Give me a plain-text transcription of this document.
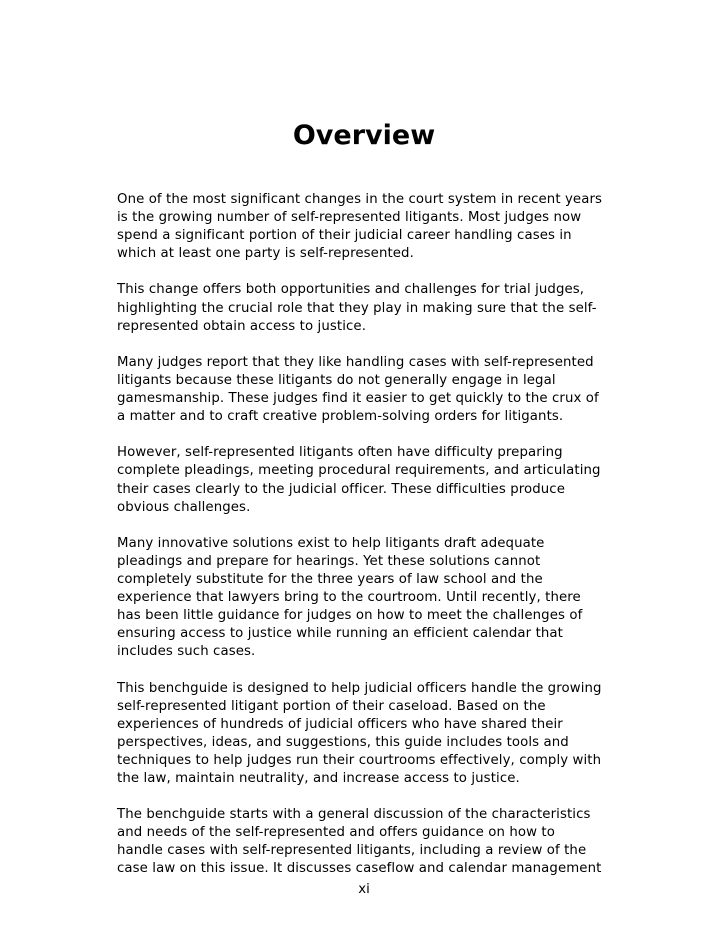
Overview

One of the most significant changes in the court system in recent years
is the growing number of self-represented litigants. Most judges now
spend a significant portion of their judicial career handling cases in
which at least one party is self-represented.

This change offers both opportunities and challenges for trial judges,
highlighting the crucial role that they play in making sure that the self-
represented obtain access to justice.

Many judges report that they like handling cases with self-represented
litigants because these litigants do not generally engage in legal
gamesmanship. These judges find it easier to get quickly to the crux of
a matter and to craft creative problem-solving orders for litigants.

However, self-represented litigants often have difficulty preparing
complete pleadings, meeting procedural requirements, and articulating
their cases clearly to the judicial officer. These difficulties produce
obvious challenges.

Many innovative solutions exist to help litigants draft adequate
pleadings and prepare for hearings. Yet these solutions cannot
completely substitute for the three years of law school and the
experience that lawyers bring to the courtroom. Until recently, there
has been little guidance for judges on how to meet the challenges of
ensuring access to justice while running an efficient calendar that
includes such cases.

This benchguide is designed to help judicial officers handle the growing
self-represented litigant portion of their caseload. Based on the
experiences of hundreds of judicial officers who have shared their
perspectives, ideas, and suggestions, this guide includes tools and
techniques to help judges run their courtrooms effectively, comply with
the law, maintain neutrality, and increase access to justice.

The benchguide starts with a general discussion of the characteristics
and needs of the self-represented and offers guidance on how to
handle cases with self-represented litigants, including a review of the
case law on this issue. It discusses caseflow and calendar management

xi
